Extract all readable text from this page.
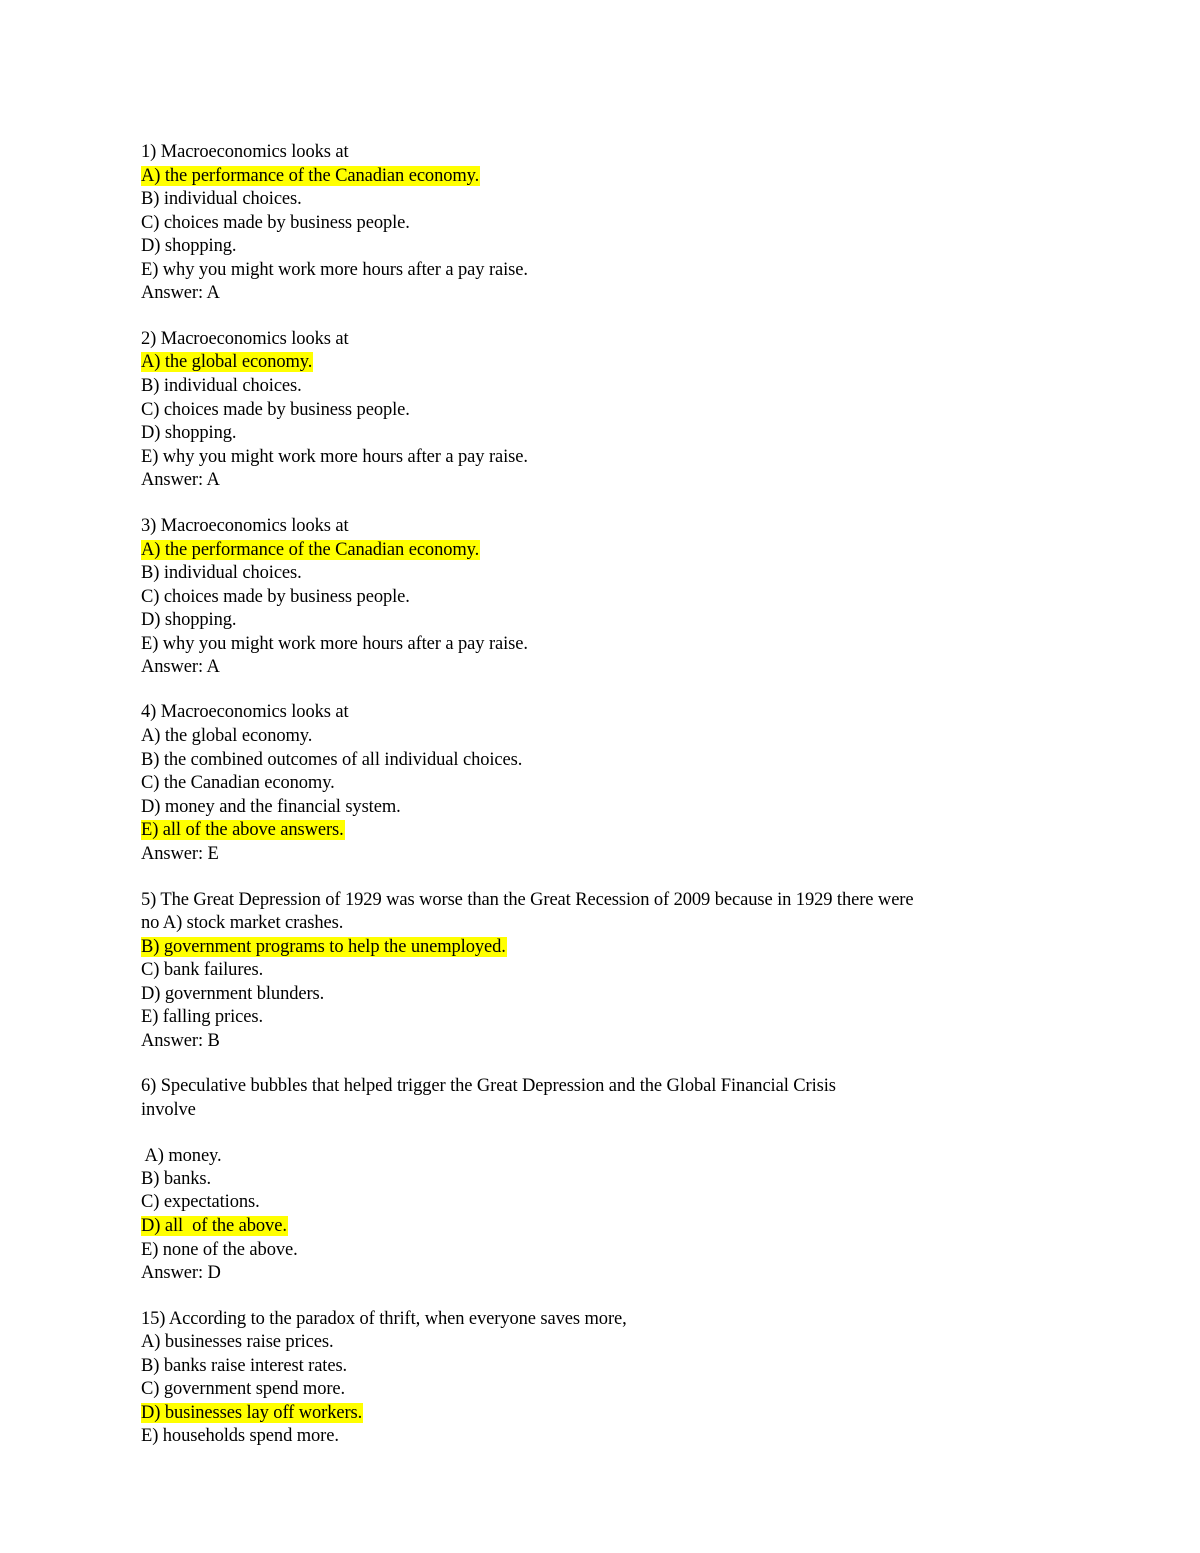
1) Macroeconomics looks at
A) the performance of the Canadian economy.
B) individual choices.
C) choices made by business people.
D) shopping.
E) why you might work more hours after a pay raise.
Answer: A
2) Macroeconomics looks at
A) the global economy.
B) individual choices.
C) choices made by business people.
D) shopping.
E) why you might work more hours after a pay raise.
Answer: A
3) Macroeconomics looks at
A) the performance of the Canadian economy.
B) individual choices.
C) choices made by business people.
D) shopping.
E) why you might work more hours after a pay raise.
Answer: A
4) Macroeconomics looks at
A) the global economy.
B) the combined outcomes of all individual choices.
C) the Canadian economy.
D) money and the financial system.
E) all of the above answers.
Answer: E
5) The Great Depression of 1929 was worse than the Great Recession of 2009 because in 1929 there were
no A) stock market crashes.
B) government programs to help the unemployed.
C) bank failures.
D) government blunders.
E) falling prices.
Answer: B
6) Speculative bubbles that helped trigger the Great Depression and the Global Financial Crisis
involve
A) money.
B) banks.
C) expectations.
D) all  of the above.
E) none of the above.
Answer: D
15) According to the paradox of thrift, when everyone saves more,
A) businesses raise prices.
B) banks raise interest rates.
C) government spend more.
D) businesses lay off workers.
E) households spend more.
